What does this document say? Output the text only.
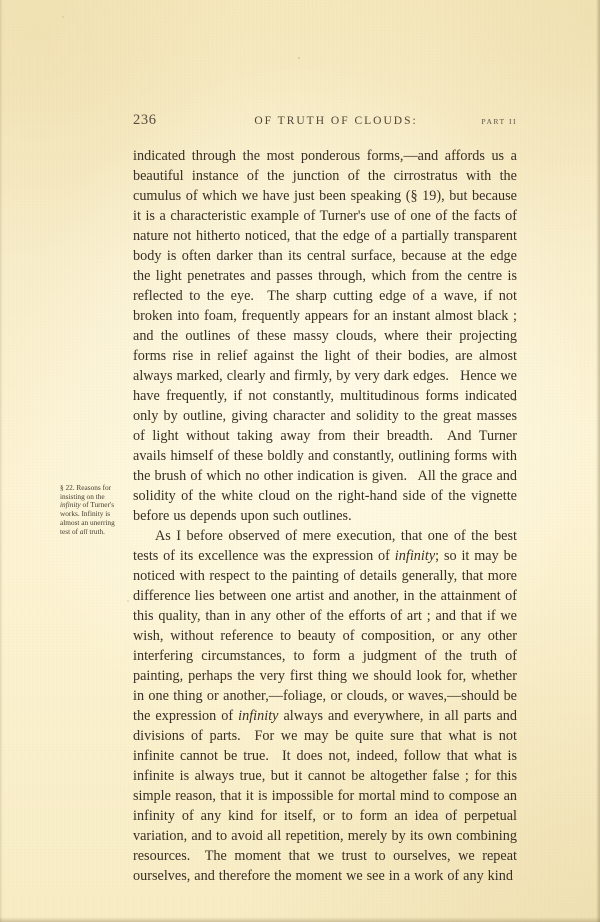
236	OF TRUTH OF CLOUDS:	PART II
§ 22. Reasons for insisting on the infinity of Turner's works. Infinity is almost an unerring test of all truth.

indicated through the most ponderous forms,—and affords us a beautiful instance of the junction of the cirrostratus with the cumulus of which we have just been speaking (§ 19), but because it is a characteristic example of Turner's use of one of the facts of nature not hitherto noticed, that the edge of a partially transparent body is often darker than its central surface, because at the edge the light penetrates and passes through, which from the centre is reflected to the eye.  The sharp cutting edge of a wave, if not broken into foam, frequently appears for an instant almost black ; and the outlines of these massy clouds, where their projecting forms rise in relief against the light of their bodies, are almost always marked, clearly and firmly, by very dark edges.  Hence we have frequently, if not constantly, multitudinous forms indicated only by outline, giving character and solidity to the great masses of light without taking away from their breadth.  And Turner avails himself of these boldly and constantly, outlining forms with the brush of which no other indication is given.  All the grace and solidity of the white cloud on the right-hand side of the vignette before us depends upon such outlines.

As I before observed of mere execution, that one of the best tests of its excellence was the expression of infinity; so it may be noticed with respect to the painting of details generally, that more difference lies between one artist and another, in the attainment of this quality, than in any other of the efforts of art ; and that if we wish, without reference to beauty of composition, or any other interfering circumstances, to form a judgment of the truth of painting, perhaps the very first thing we should look for, whether in one thing or another,—foliage, or clouds, or waves,—should be the expression of infinity always and everywhere, in all parts and divisions of parts.  For we may be quite sure that what is not infinite cannot be true.  It does not, indeed, follow that what is infinite is always true, but it cannot be altogether false ; for this simple reason, that it is impossible for mortal mind to compose an infinity of any kind for itself, or to form an idea of perpetual variation, and to avoid all repetition, merely by its own combining resources.  The moment that we trust to ourselves, we repeat ourselves, and therefore the moment we see in a work of any kind
